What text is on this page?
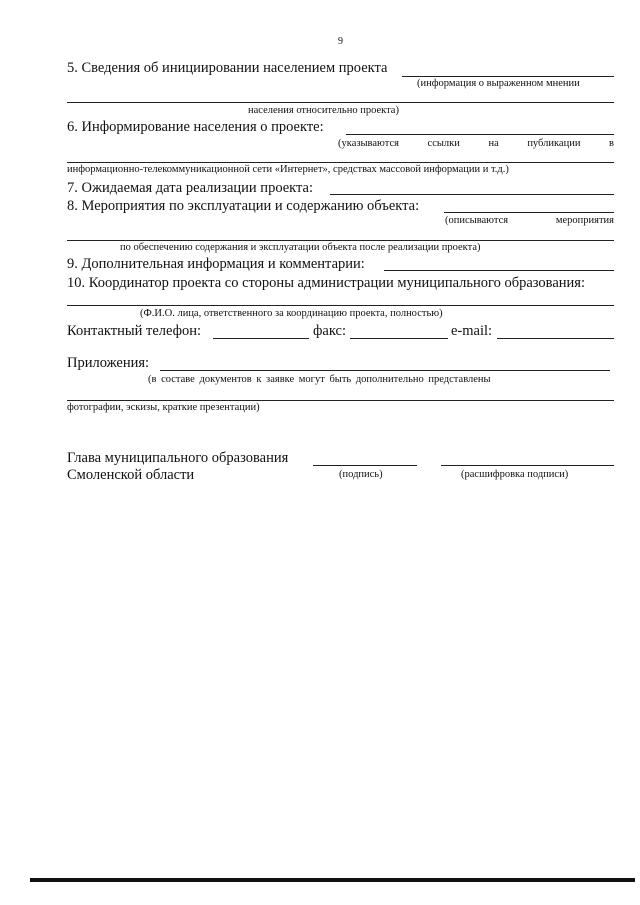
9
5. Сведения об инициировании населением проекта
(информация о выраженном мнении
населения относительно проекта)
6. Информирование населения о проекте:
(указываются	ссылки	на	публикации	в
информационно-телекоммуникационной сети «Интернет», средствах массовой информации и т.д.)
7. Ожидаемая дата реализации проекта:
8. Мероприятия по эксплуатации и содержанию объекта:
(описываются	мероприятия
по обеспечению содержания и эксплуатации объекта после реализации проекта)
9. Дополнительная информация и комментарии:
10. Координатор проекта со стороны администрации муниципального образования:
(Ф.И.О. лица, ответственного за координацию проекта, полностью)
Контактный телефон:	факс:	e-mail:
Приложения:
(в составе документов к заявке могут быть дополнительно представлены
фотографии, эскизы, краткие презентации)
Глава муниципального образования
Смоленской области	(подпись)	(расшифровка подписи)
